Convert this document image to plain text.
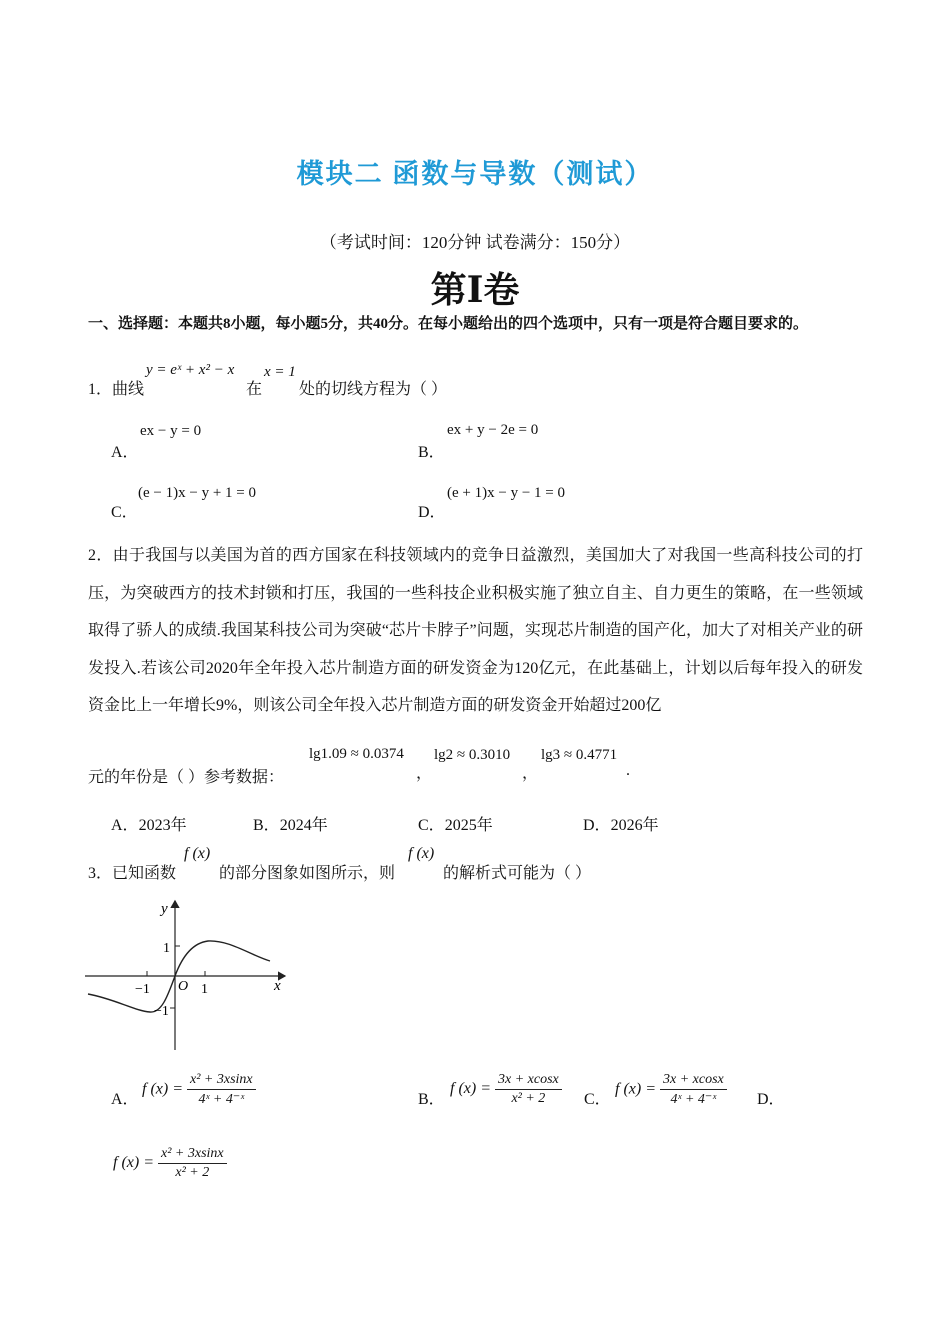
模块二 函数与导数（测试）
（考试时间：120分钟 试卷满分：150分）
第Ⅰ卷
一、选择题：本题共8小题，每小题5分，共40分。在每小题给出的四个选项中，只有一项是符合题目要求的。
1． 曲线
y = eˣ + x² − x
在
x = 1
处的切线方程为（ ）
A．
ex − y = 0
B．
ex + y − 2e = 0
C．
(e − 1)x − y + 1 = 0
D．
(e + 1)x − y − 1 = 0
2．由于我国与以美国为首的西方国家在科技领域内的竞争日益激烈，美国加大了对我国一些高科技公司的打压，为突破西方的技术封锁和打压，我国的一些科技企业积极实施了独立自主、自力更生的策略，在一些领域取得了骄人的成绩.我国某科技公司为突破“芯片卡脖子”问题，实现芯片制造的国产化，加大了对相关产业的研发投入.若该公司2020年全年投入芯片制造方面的研发资金为120亿元，在此基础上，计划以后每年投入的研发资金比上一年增长9%，则该公司全年投入芯片制造方面的研发资金开始超过200亿
元的年份是（ ）参考数据：
lg1.09 ≈ 0.0374
，
lg2 ≈ 0.3010
，
lg3 ≈ 0.4771
.
A．2023年	B．2024年	C．2025年	D．2026年
3． 已知函数
f (x)
的部分图象如图所示，则
f (x)
的解析式可能为（ ）
y
x
O
−1	1
1
−1
A．
f $(x) = \frac{\text{x² + 3xsinx}}{\text{4ˣ + 4⁻ˣ}}$	B．
f $(x) = \frac{3x + xcosx}{\text{x² + 2}}$ C．
f $(x) = \frac{3x + xcosx}{\text{4ˣ + 4⁻ˣ}}$ D．
f $(x) = \frac{\text{x² + 3xsinx}}{\text{x² + 2}}$
